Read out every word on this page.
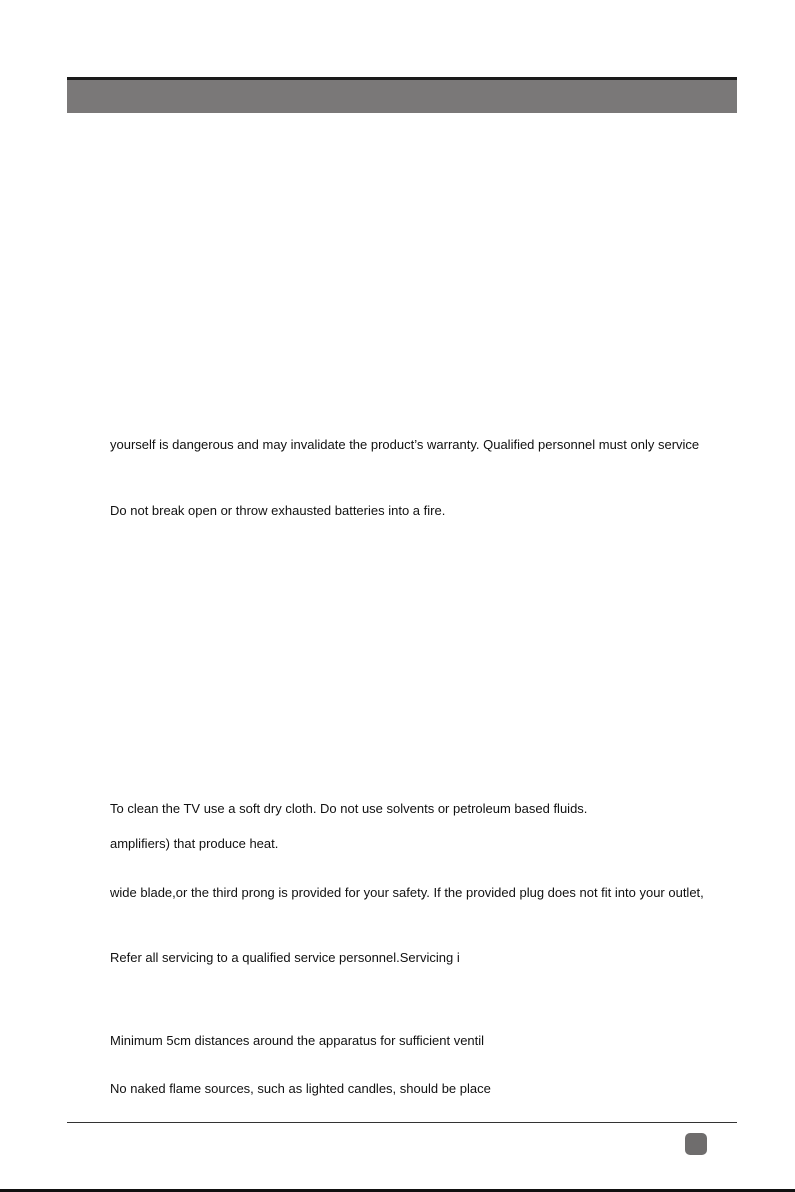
yourself is dangerous and may invalidate the product’s warranty. Qualified personnel must only service

Do not break open or throw exhausted batteries into a fire.

To clean the TV use a soft dry cloth. Do not use solvents or petroleum based fluids.

amplifiers) that produce heat.

wide blade,or the third prong is provided for your safety. If the provided plug does not fit into your outlet,

Refer all servicing to a qualified service personnel.Servicing i

Minimum 5cm distances around the apparatus for sufficient ventil

No naked flame sources, such as lighted candles, should be place
